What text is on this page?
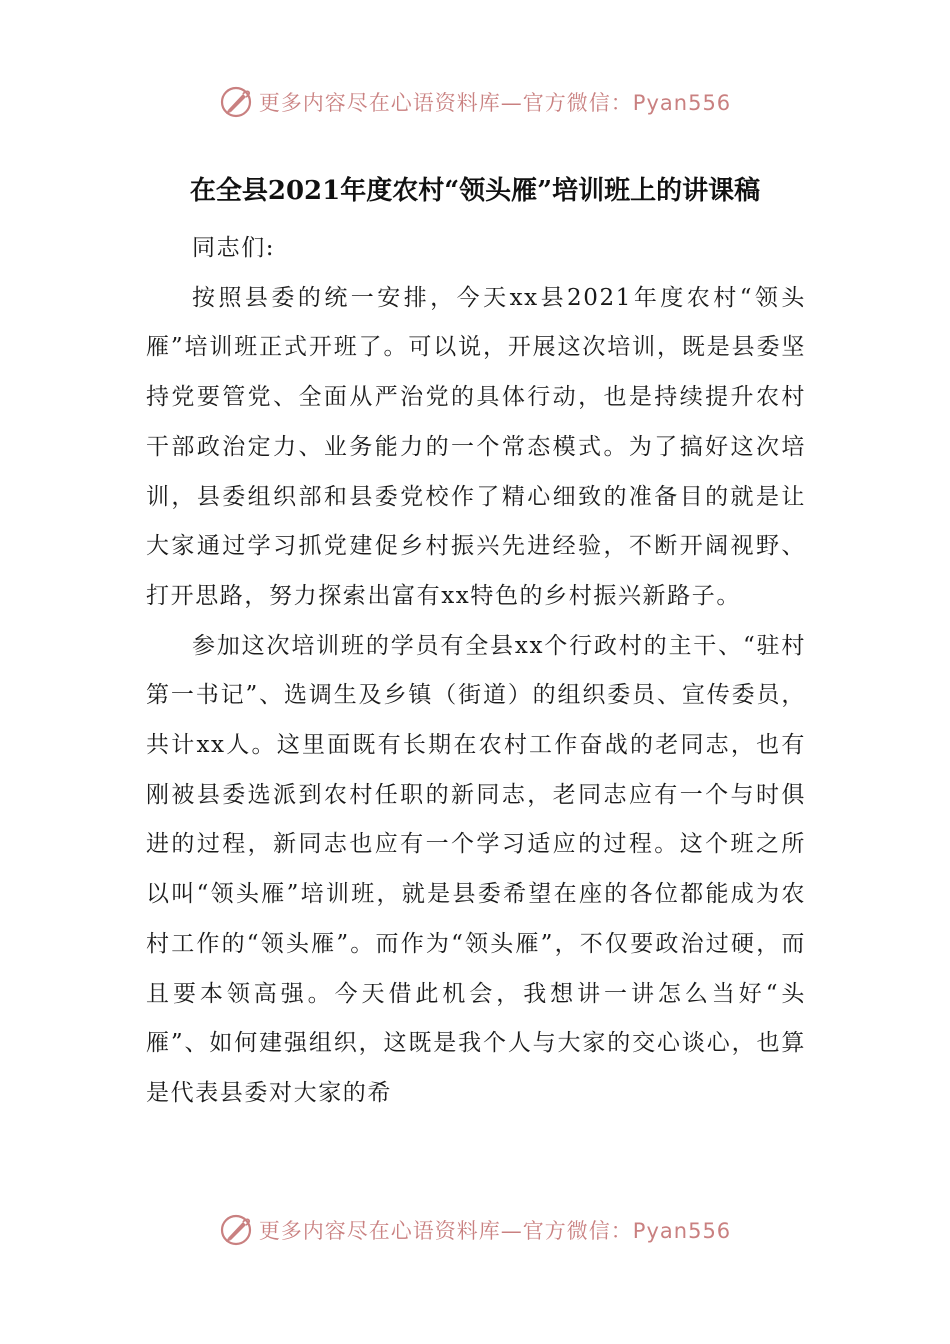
更多内容尽在心语资料库—官方微信：Pyan556
在全县2021年度农村“领头雁”培训班上的讲课稿

同志们:

按照县委的统一安排，今天xx县2021年度农村“领头雁”培训班正式开班了。可以说，开展这次培训，既是县委坚持党要管党、全面从严治党的具体行动，也是持续提升农村干部政治定力、业务能力的一个常态模式。为了搞好这次培训，县委组织部和县委党校作了精心细致的准备目的就是让大家通过学习抓党建促乡村振兴先进经验，不断开阔视野、打开思路，努力探索出富有xx特色的乡村振兴新路子。

参加这次培训班的学员有全县xx个行政村的主干、“驻村第一书记”、选调生及乡镇（街道）的组织委员、宣传委员，共计xx人。这里面既有长期在农村工作奋战的老同志，也有刚被县委选派到农村任职的新同志，老同志应有一个与时俱进的过程，新同志也应有一个学习适应的过程。这个班之所以叫“领头雁”培训班，就是县委希望在座的各位都能成为农村工作的“领头雁”。而作为“领头雁”，不仅要政治过硬，而且要本领高强。今天借此机会，我想讲一讲怎么当好“头雁”、如何建强组织，这既是我个人与大家的交心谈心，也算是代表县委对大家的希

更多内容尽在心语资料库—官方微信：Pyan556
